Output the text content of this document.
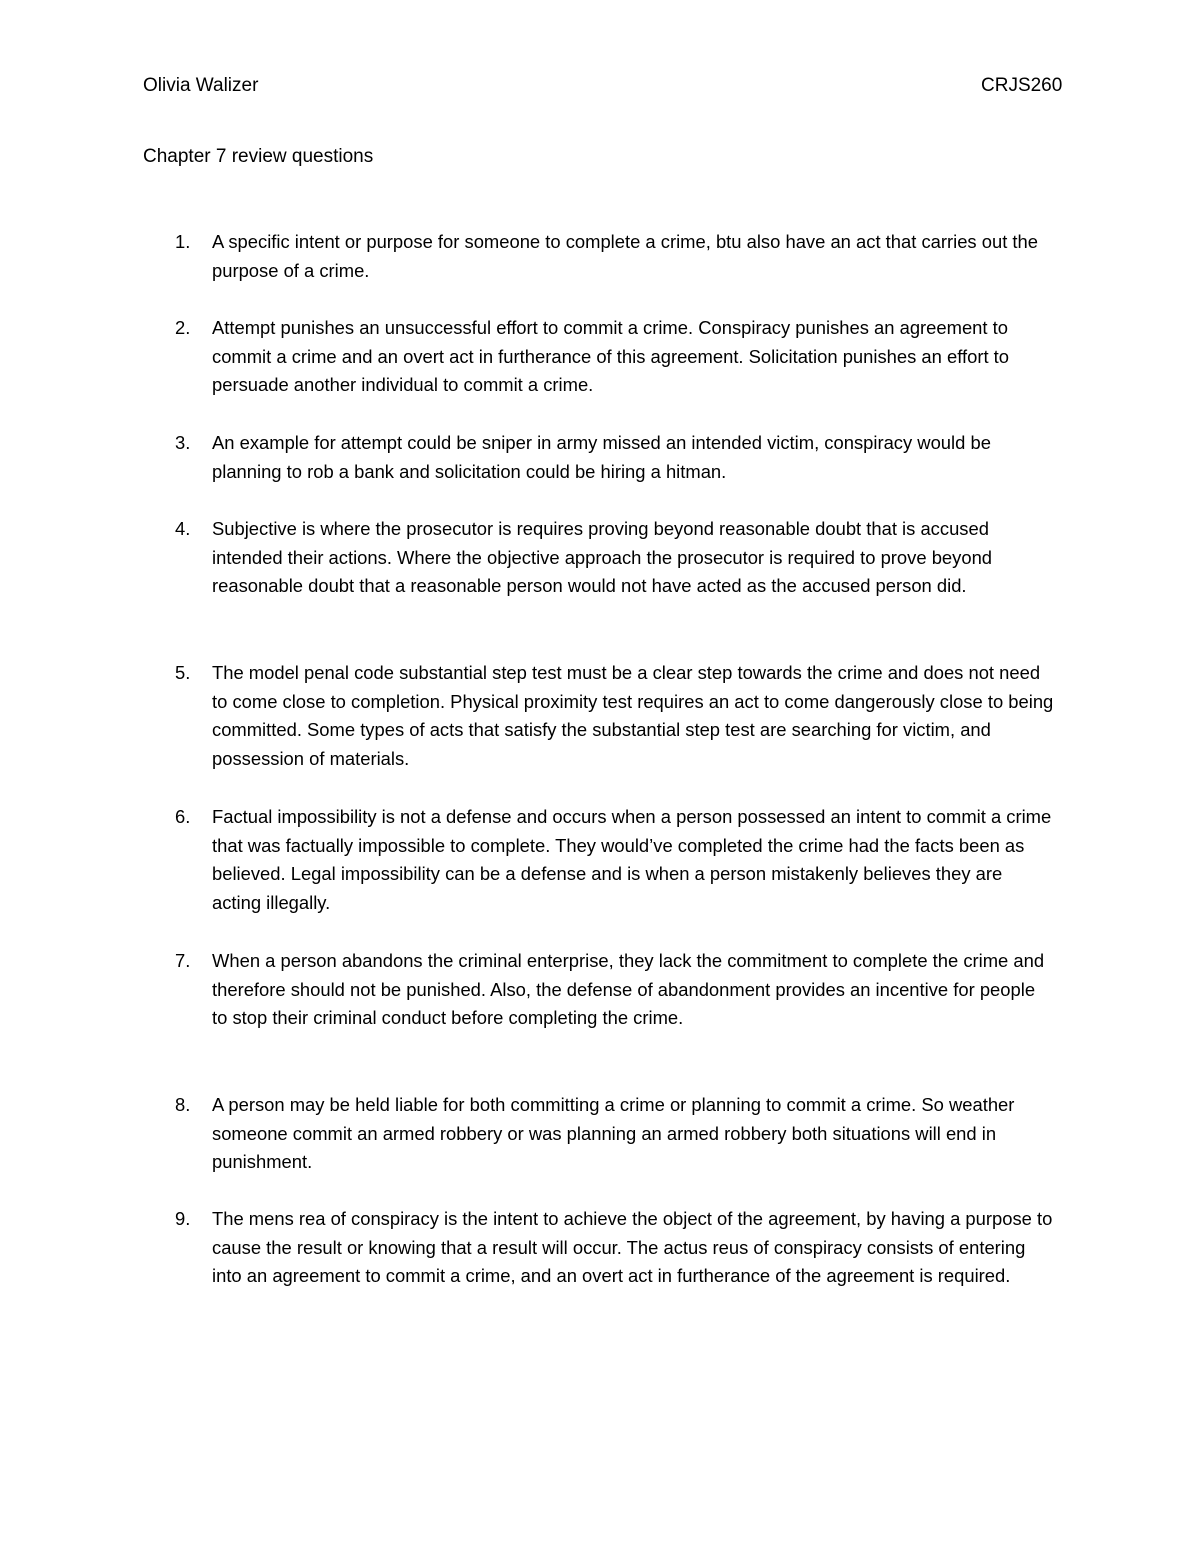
Olivia Walizer	CRJS260
Chapter 7 review questions
1.	A specific intent or purpose for someone to complete a crime, btu also have an act that carries out the purpose of a crime.
2.	Attempt punishes an unsuccessful effort to commit a crime. Conspiracy punishes an agreement to commit a crime and an overt act in furtherance of this agreement. Solicitation punishes an effort to persuade another individual to commit a crime.
3.	An example for attempt could be sniper in army missed an intended victim, conspiracy would be planning to rob a bank and solicitation could be hiring a hitman.
4.	Subjective is where the prosecutor is requires proving beyond reasonable doubt that is accused intended their actions. Where the objective approach the prosecutor is required to prove beyond reasonable doubt that a reasonable person would not have acted as the accused person did.
5.	The model penal code substantial step test must be a clear step towards the crime and does not need to come close to completion. Physical proximity test requires an act to come dangerously close to being committed. Some types of acts that satisfy the substantial step test are searching for victim, and possession of materials.
6.	Factual impossibility is not a defense and occurs when a person possessed an intent to commit a crime that was factually impossible to complete. They would’ve completed the crime had the facts been as believed. Legal impossibility can be a defense and is when a person mistakenly believes they are acting illegally.
7.	When a person abandons the criminal enterprise, they lack the commitment to complete the crime and therefore should not be punished. Also, the defense of abandonment provides an incentive for people to stop their criminal conduct before completing the crime.
8.	A person may be held liable for both committing a crime or planning to commit a crime. So weather someone commit an armed robbery or was planning an armed robbery both situations will end in punishment.
9.	The mens rea of conspiracy is the intent to achieve the object of the agreement, by having a purpose to cause the result or knowing that a result will occur. The actus reus of conspiracy consists of entering into an agreement to commit a crime, and an overt act in furtherance of the agreement is required.
